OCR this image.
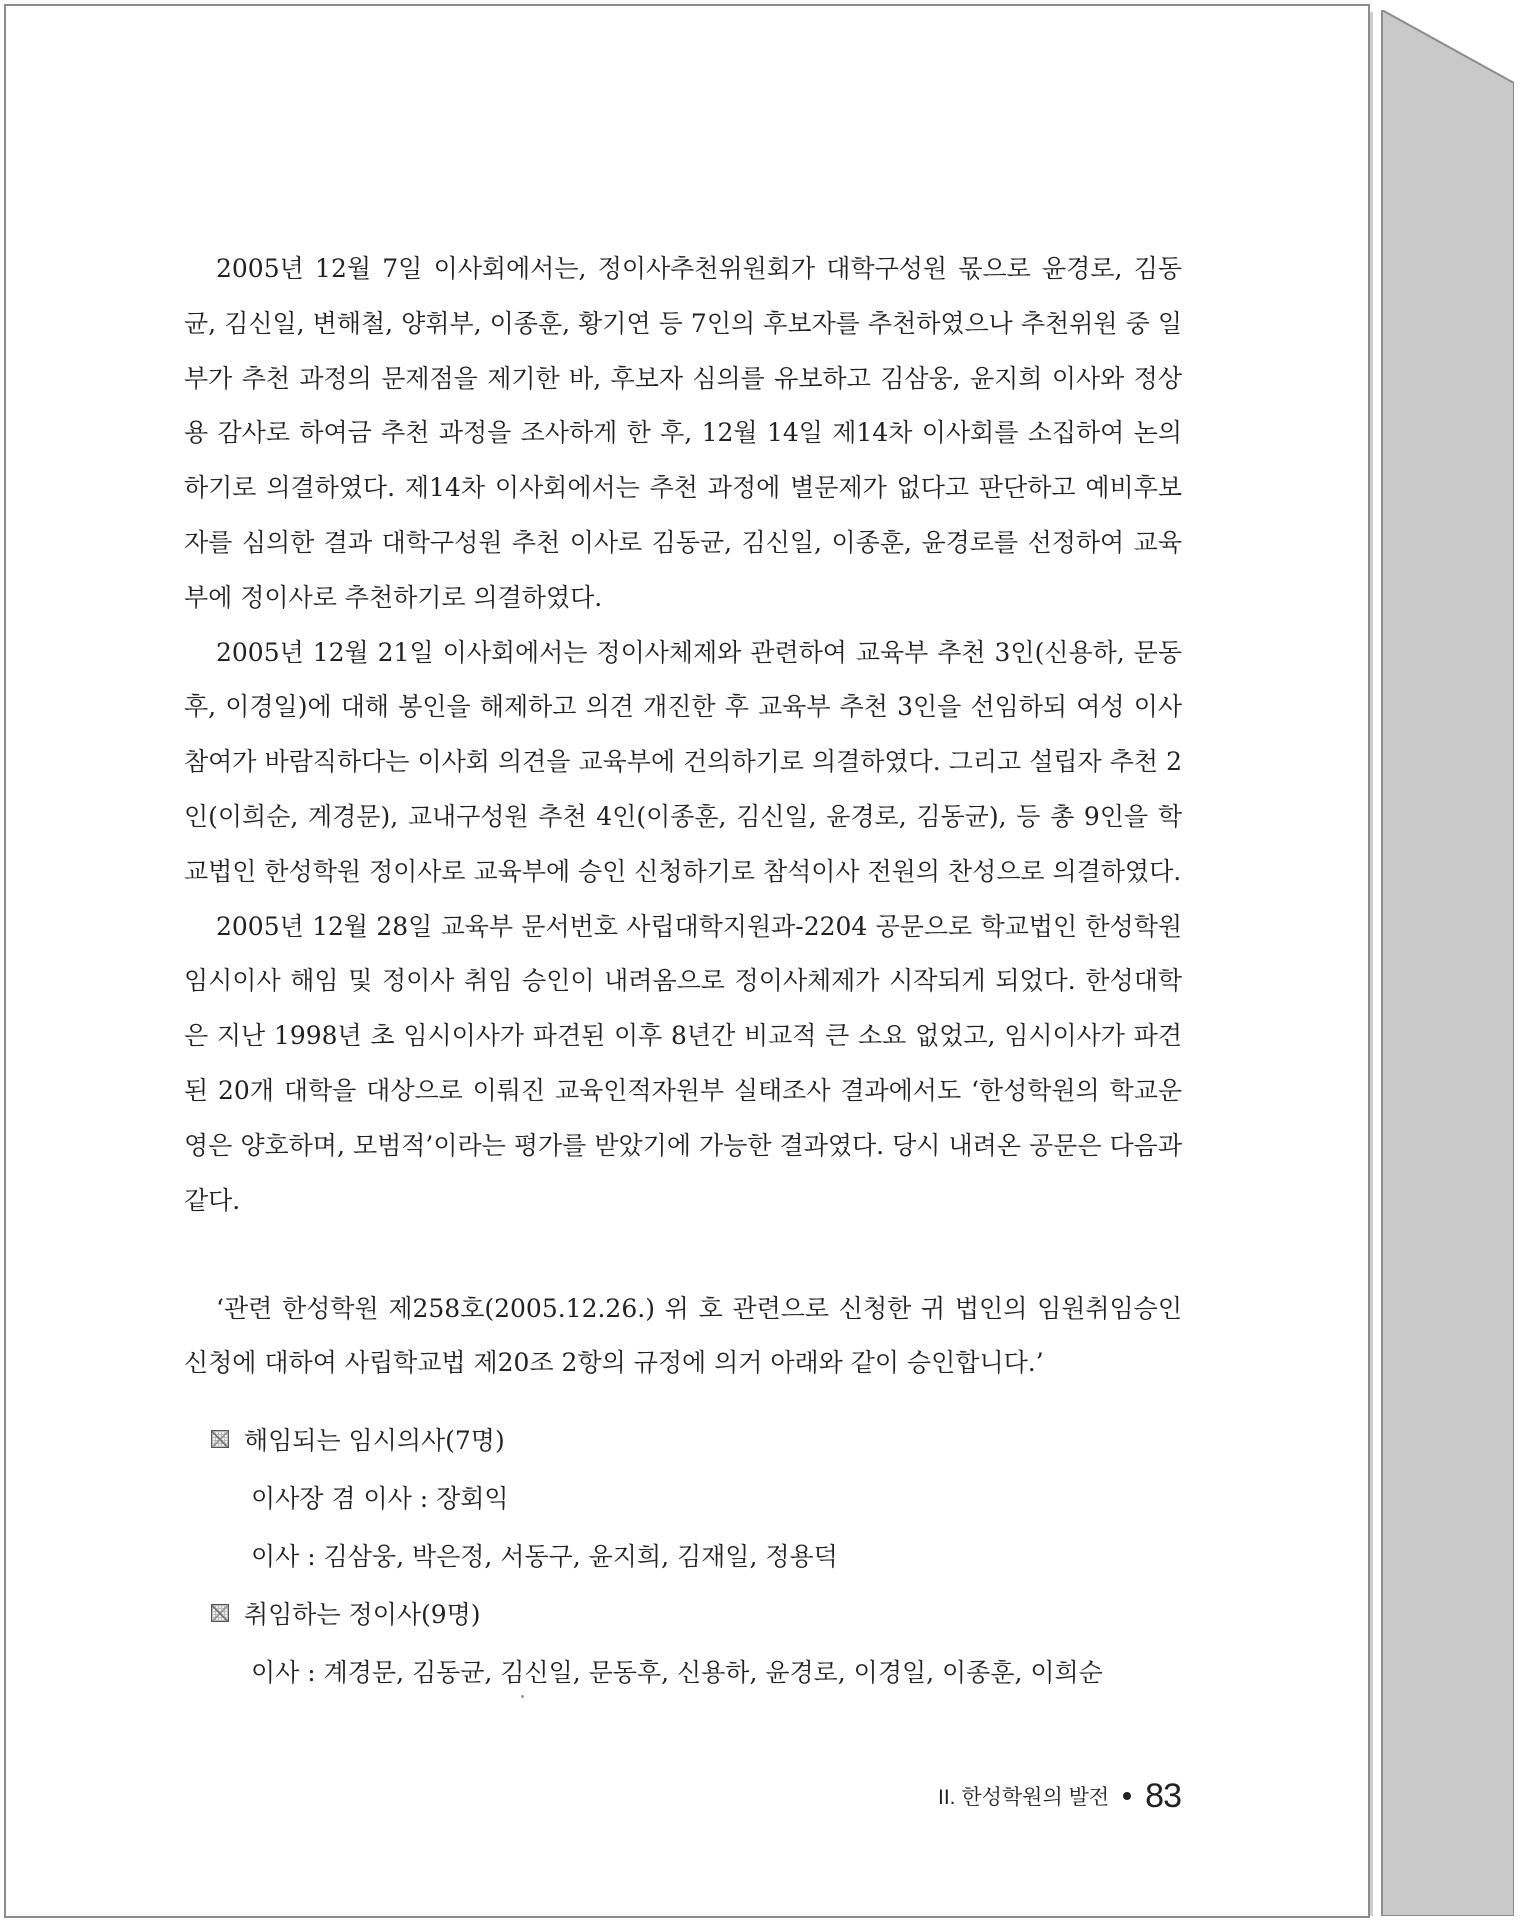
2005년 12월 7일 이사회에서는, 정이사추천위원회가 대학구성원 몫으로 윤경로, 김동균, 김신일, 변해철, 양휘부, 이종훈, 황기연 등 7인의 후보자를 추천하였으나 추천위원 중 일부가 추천 과정의 문제점을 제기한 바, 후보자 심의를 유보하고 김삼웅, 윤지희 이사와 정상용 감사로 하여금 추천 과정을 조사하게 한 후, 12월 14일 제14차 이사회를 소집하여 논의하기로 의결하였다. 제14차 이사회에서는 추천 과정에 별문제가 없다고 판단하고 예비후보자를 심의한 결과 대학구성원 추천 이사로 김동균, 김신일, 이종훈, 윤경로를 선정하여 교육부에 정이사로 추천하기로 의결하였다.

2005년 12월 21일 이사회에서는 정이사체제와 관련하여 교육부 추천 3인(신용하, 문동후, 이경일)에 대해 봉인을 해제하고 의견 개진한 후 교육부 추천 3인을 선임하되 여성 이사 참여가 바람직하다는 이사회 의견을 교육부에 건의하기로 의결하였다. 그리고 설립자 추천 2인(이희순, 계경문), 교내구성원 추천 4인(이종훈, 김신일, 윤경로, 김동균), 등 총 9인을 학교법인 한성학원 정이사로 교육부에 승인 신청하기로 참석이사 전원의 찬성으로 의결하였다.

2005년 12월 28일 교육부 문서번호 사립대학지원과-2204 공문으로 학교법인 한성학원 임시이사 해임 및 정이사 취임 승인이 내려옴으로 정이사체제가 시작되게 되었다. 한성대학은 지난 1998년 초 임시이사가 파견된 이후 8년간 비교적 큰 소요 없었고, 임시이사가 파견된 20개 대학을 대상으로 이뤄진 교육인적자원부 실태조사 결과에서도 ‘한성학원의 학교운영은 양호하며, 모범적’이라는 평가를 받았기에 가능한 결과였다. 당시 내려온 공문은 다음과 같다.

‘관련 한성학원 제258호(2005.12.26.) 위 호 관련으로 신청한 귀 법인의 임원취임승인 신청에 대하여 사립학교법 제20조 2항의 규정에 의거 아래와 같이 승인합니다.’

해임되는 임시의사(7명)
이사장 겸 이사 : 장회익
이사 : 김삼웅, 박은정, 서동구, 윤지희, 김재일, 정용덕
취임하는 정이사(9명)
이사 : 계경문, 김동균, 김신일, 문동후, 신용하, 윤경로, 이경일, 이종훈, 이희순
II. 한성학원의 발전 83
